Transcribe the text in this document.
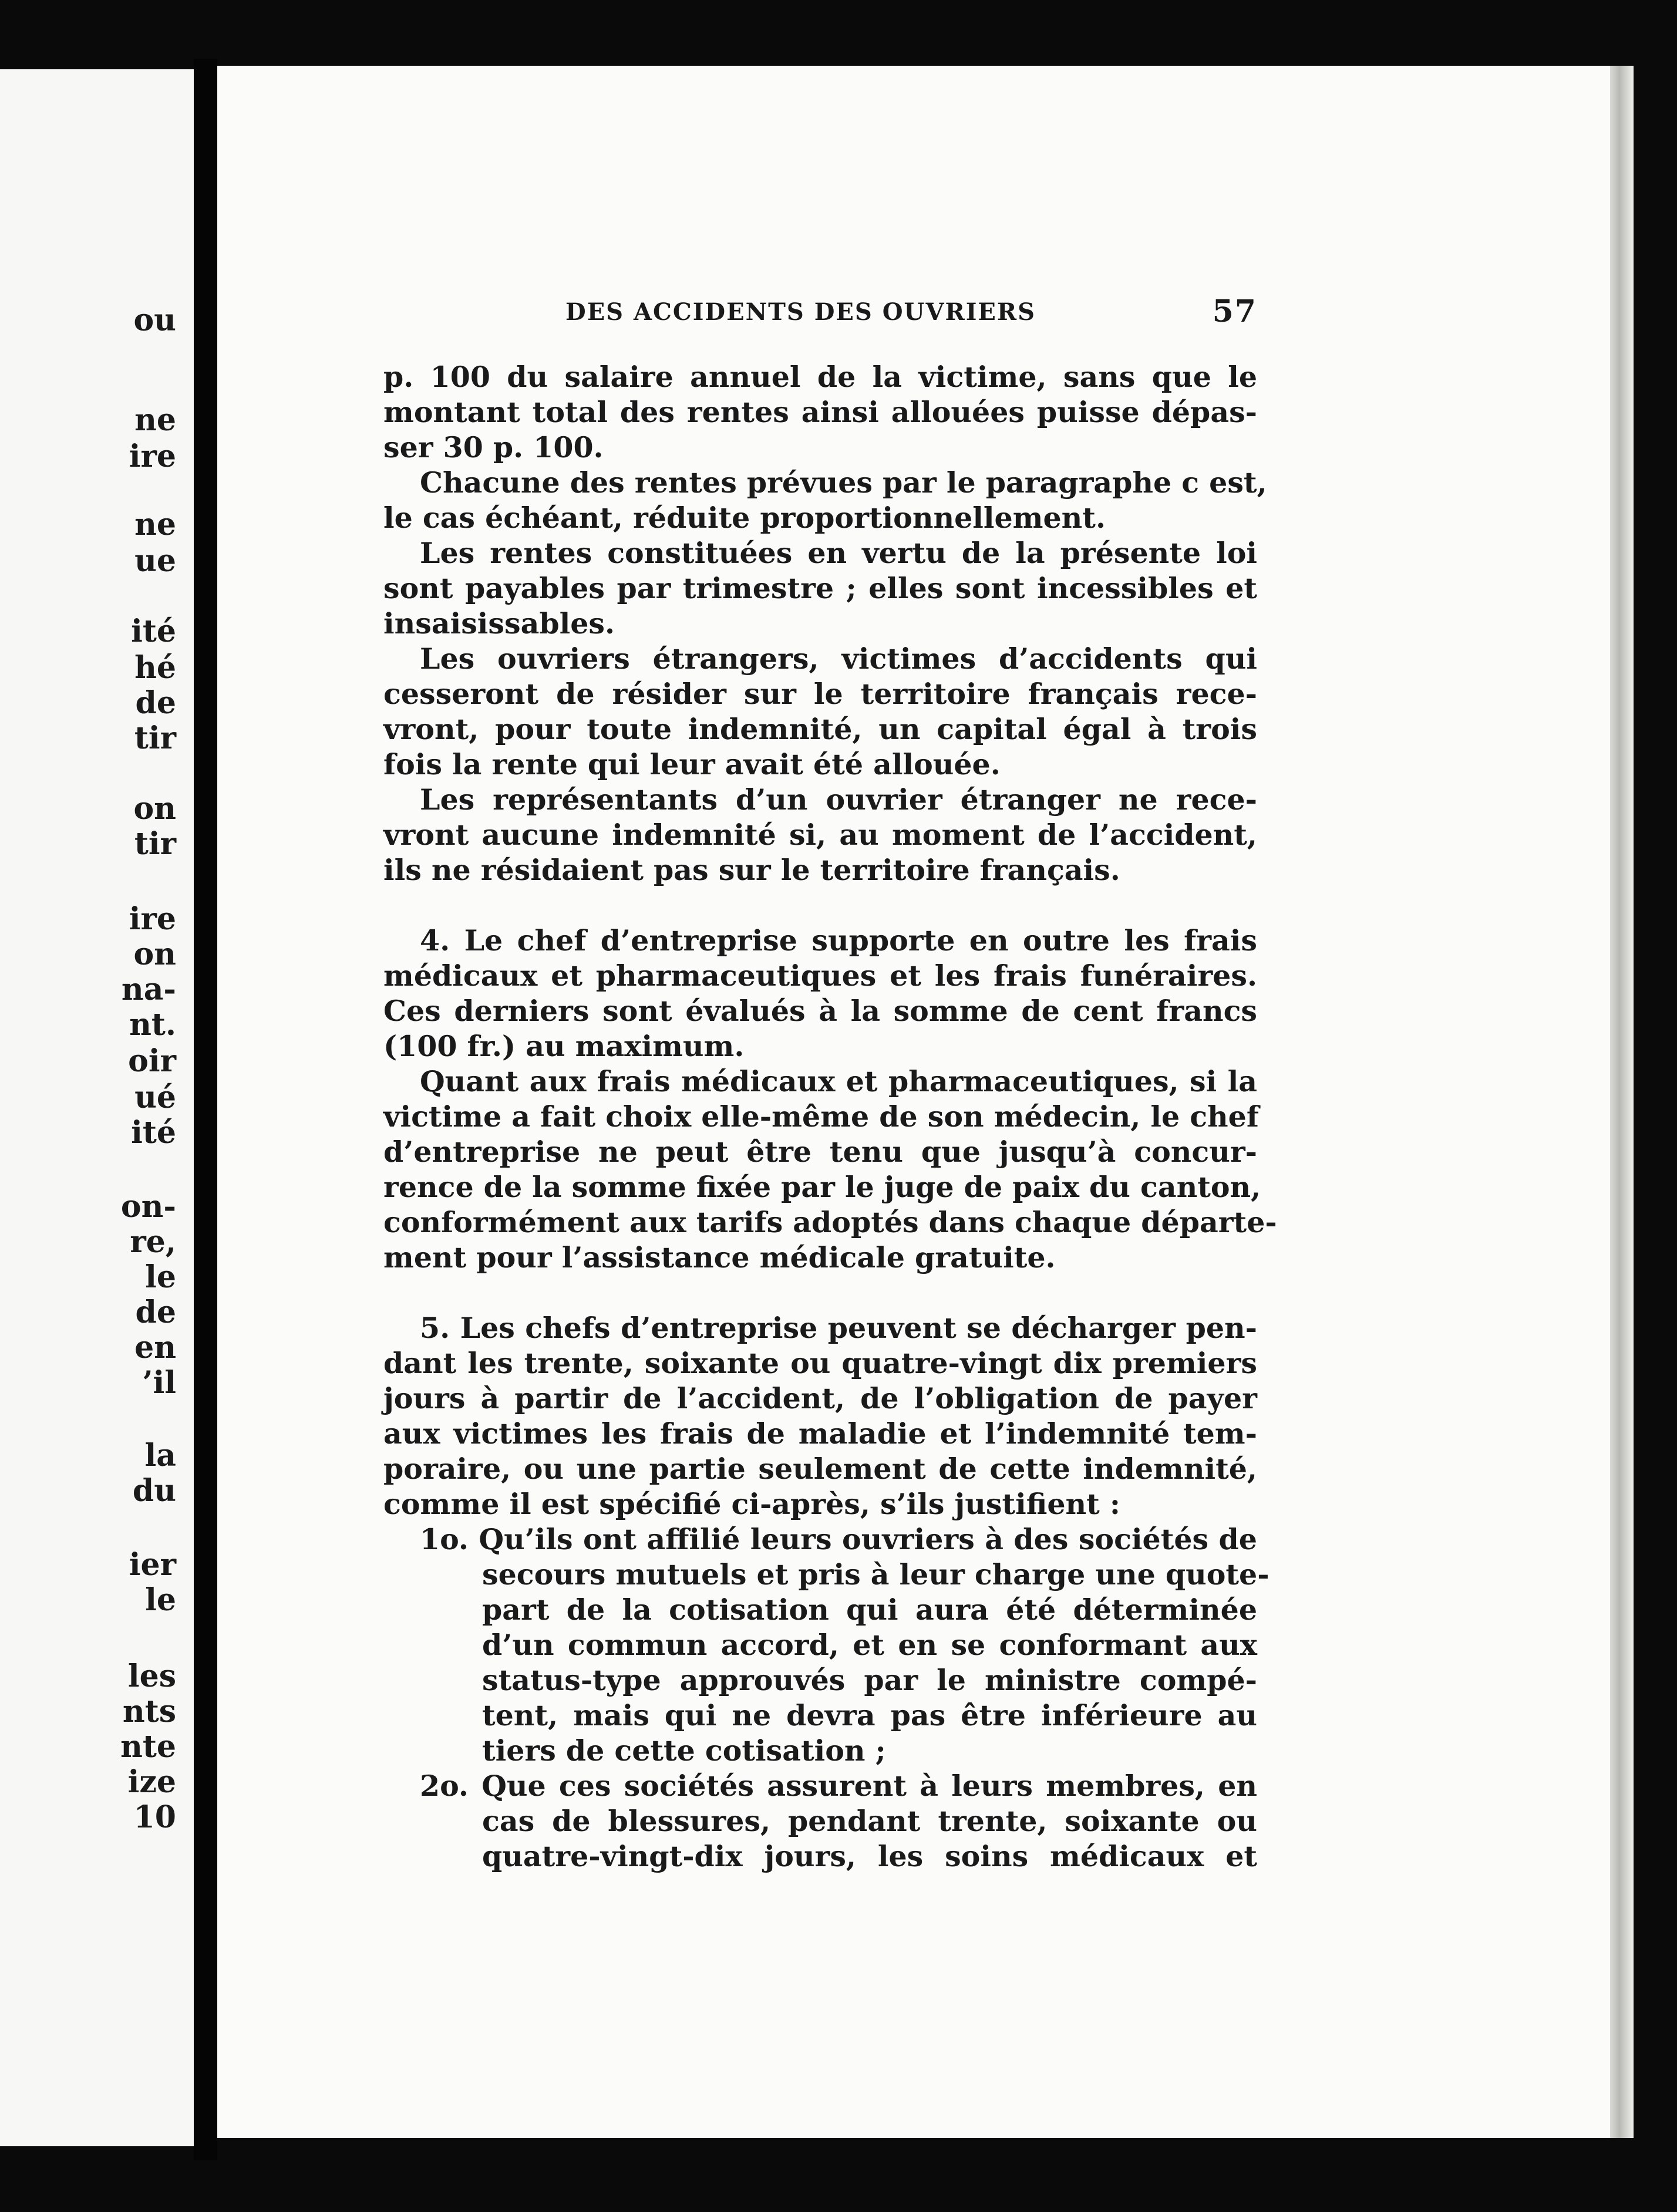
ou
ne
ire
ne
ue
ité
hé
de
tir
on
tir
ire
on
na-
nt.
oir
ué
ité
on-
re,
le
de
en
’il
la
du
ier
le
les
nts
nte
ize
10
DES ACCIDENTS DES OUVRIERS	57
p. 100 du salaire annuel de la victime, sans que le
montant total des rentes ainsi allouées puisse dépas-
ser 30 p. 100.
Chacune des rentes prévues par le paragraphe c est,
le cas échéant, réduite proportionnellement.
Les rentes constituées en vertu de la présente loi
sont payables par trimestre ; elles sont incessibles et
insaisissables.
Les ouvriers étrangers, victimes d’accidents qui
cesseront de résider sur le territoire français rece-
vront, pour toute indemnité, un capital égal à trois
fois la rente qui leur avait été allouée.
Les représentants d’un ouvrier étranger ne rece-
vront aucune indemnité si, au moment de l’accident,
ils ne résidaient pas sur le territoire français.
4. Le chef d’entreprise supporte en outre les frais
médicaux et pharmaceutiques et les frais funéraires.
Ces derniers sont évalués à la somme de cent francs
(100 fr.) au maximum.
Quant aux frais médicaux et pharmaceutiques, si la
victime a fait choix elle-même de son médecin, le chef
d’entreprise ne peut être tenu que jusqu’à concur-
rence de la somme fixée par le juge de paix du canton,
conformément aux tarifs adoptés dans chaque départe-
ment pour l’assistance médicale gratuite.
5. Les chefs d’entreprise peuvent se décharger pen-
dant les trente, soixante ou quatre-vingt dix premiers
jours à partir de l’accident, de l’obligation de payer
aux victimes les frais de maladie et l’indemnité tem-
poraire, ou une partie seulement de cette indemnité,
comme il est spécifié ci-après, s’ils justifient :
1o. Qu’ils ont affilié leurs ouvriers à des sociétés de
secours mutuels et pris à leur charge une quote-
part de la cotisation qui aura été déterminée
d’un commun accord, et en se conformant aux
status-type approuvés par le ministre compé-
tent, mais qui ne devra pas être inférieure au
tiers de cette cotisation ;
2o. Que ces sociétés assurent à leurs membres, en
cas de blessures, pendant trente, soixante ou
quatre-vingt-dix jours, les soins médicaux et
